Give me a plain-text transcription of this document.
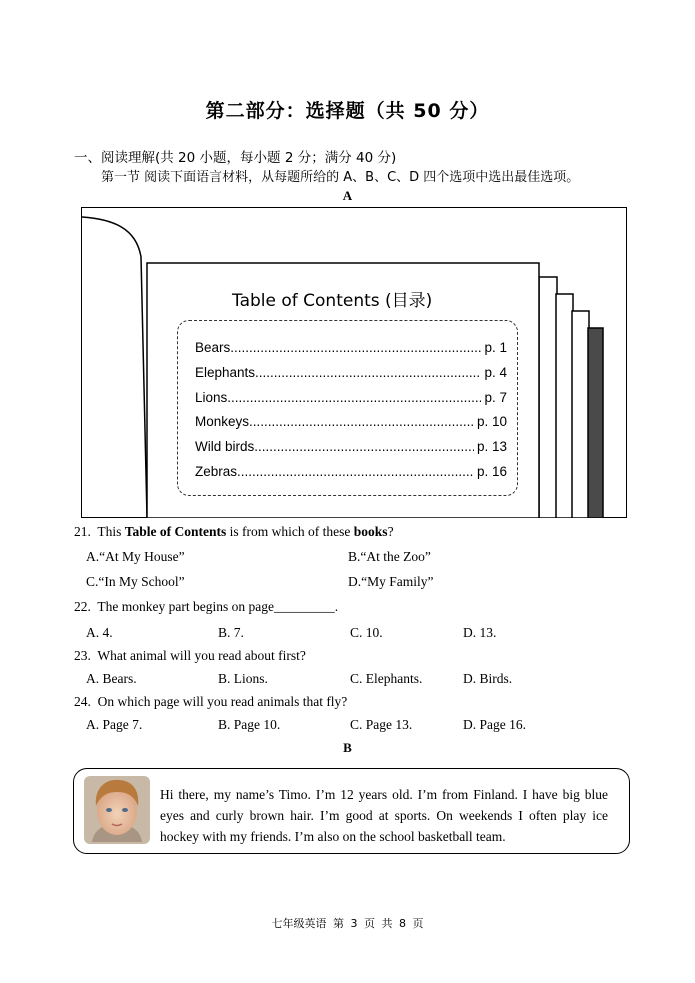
第二部分：选择题（共 50 分）
一、阅读理解(共 20 小题，每小题 2 分；满分 40 分)
第一节 阅读下面语言材料，从每题所给的 A、B、C、D 四个选项中选出最佳选项。
A
Table of Contents (目录)
Bears .....	p. 1
Elephants .....	p. 4
Lions .....	p. 7
Monkeys .....	p. 10
Wild birds .....	p. 13
Zebras .....	p. 16
21. This Table of Contents is from which of these books?
A.“At My House”	B.“At the Zoo”
C.“In My School”	D.“My Family”
22. The monkey part begins on page_________.
A. 4.	B. 7.	C. 10.	D. 13.
23. What animal will you read about first?
A. Bears.	B. Lions.	C. Elephants.	D. Birds.
24. On which page will you read animals that fly?
A. Page 7.	B. Page 10.	C. Page 13.	D. Page 16.
B
Hi there, my name’s Timo. I’m 12 years old. I’m from Finland. I have big blue eyes and curly brown hair. I’m good at sports. On weekends I often play ice hockey with my friends. I’m also on the school basketball team.
七年级英语 第 3 页 共 8 页
